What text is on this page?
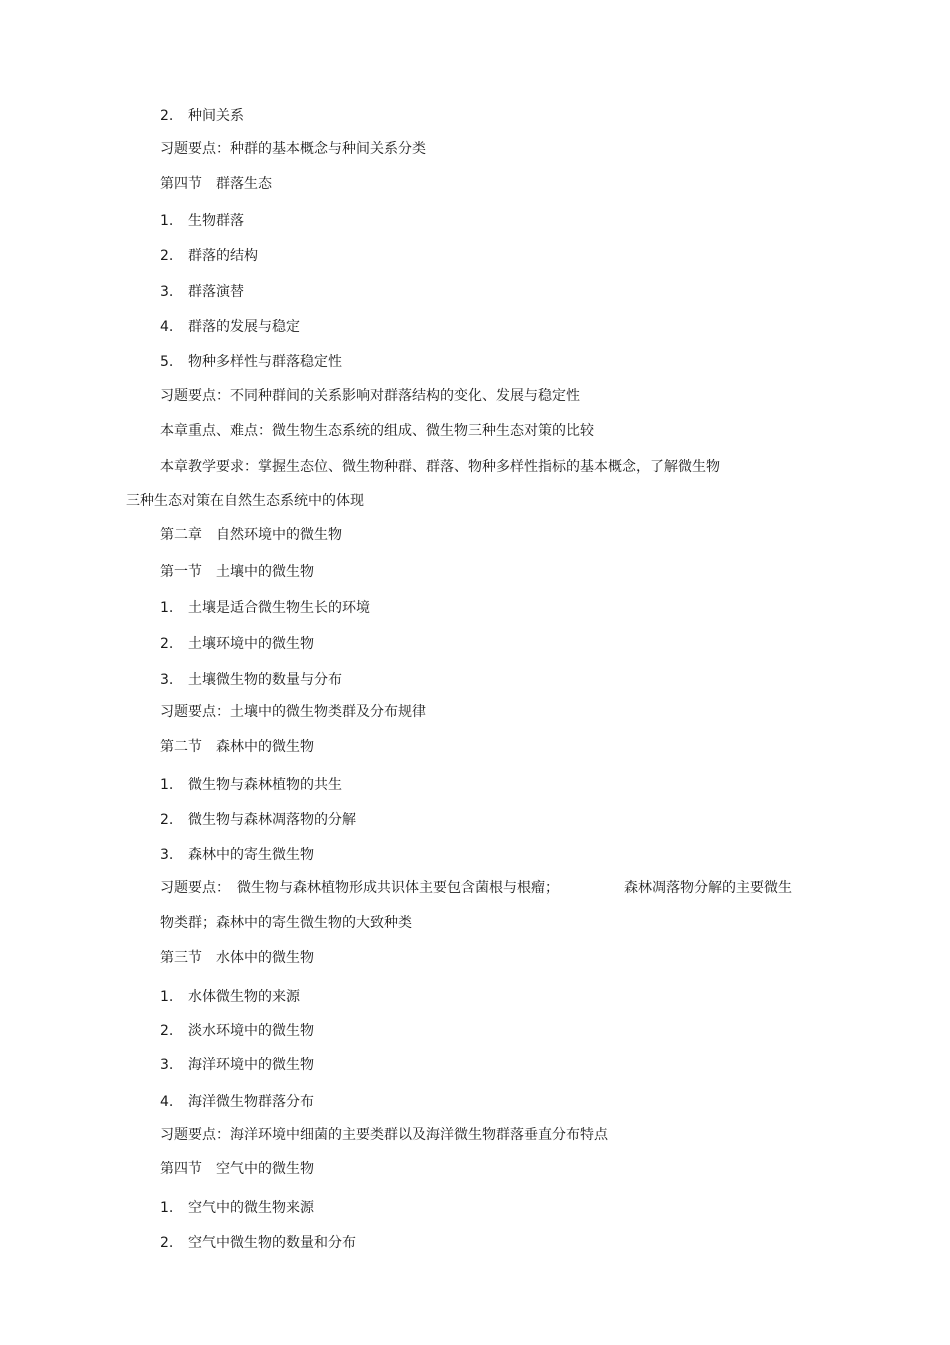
2. 种间关系
习题要点：种群的基本概念与种间关系分类
第四节　群落生态
1. 生物群落
2. 群落的结构
3. 群落演替
4. 群落的发展与稳定
5. 物种多样性与群落稳定性
习题要点：不同种群间的关系影响对群落结构的变化、发展与稳定性
本章重点、难点：微生物生态系统的组成、微生物三种生态对策的比较
本章教学要求：掌握生态位、微生物种群、群落、物种多样性指标的基本概念，了解微生物
三种生态对策在自然生态系统中的体现
第二章　自然环境中的微生物
第一节　土壤中的微生物
1. 土壤是适合微生物生长的环境
2. 土壤环境中的微生物
3. 土壤微生物的数量与分布
习题要点：土壤中的微生物类群及分布规律
第二节　森林中的微生物
1. 微生物与森林植物的共生
2. 微生物与森林凋落物的分解
3. 森林中的寄生微生物
习题要点：　微生物与森林植物形成共识体主要包含菌根与根瘤；	森林凋落物分解的主要微生
物类群；森林中的寄生微生物的大致种类
第三节　水体中的微生物
1. 水体微生物的来源
2. 淡水环境中的微生物
3. 海洋环境中的微生物
4. 海洋微生物群落分布
习题要点：海洋环境中细菌的主要类群以及海洋微生物群落垂直分布特点
第四节　空气中的微生物
1. 空气中的微生物来源
2. 空气中微生物的数量和分布
